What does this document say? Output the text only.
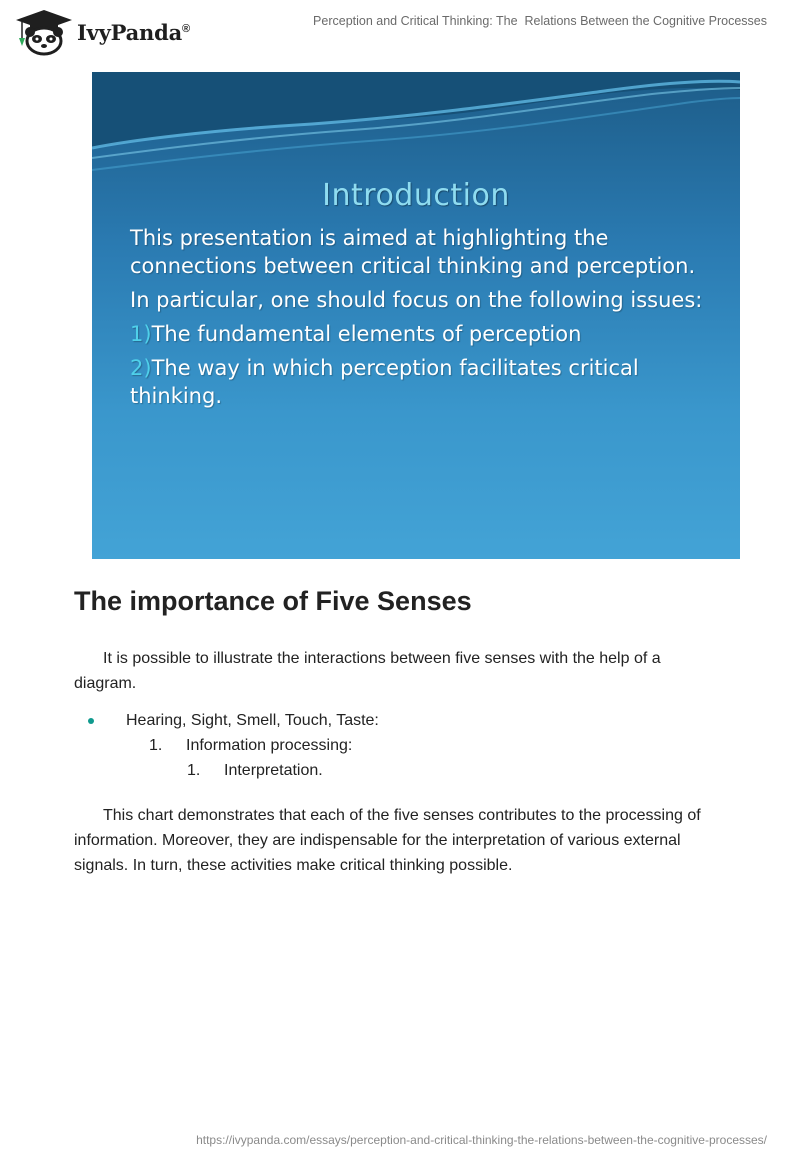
IvyPanda®
Perception and Critical Thinking: The  Relations Between the Cognitive Processes
Introduction

This presentation is aimed at highlighting the connections between critical thinking and perception.

In particular, one should focus on the following issues:

1)The fundamental elements of perception

2)The way in which perception facilitates critical thinking.

The importance of Five Senses

It is possible to illustrate the interactions between five senses with the help of a diagram.

Hearing, Sight, Smell, Touch, Taste:
1. Information processing:
1. Interpretation.

This chart demonstrates that each of the five senses contributes to the processing of information. Moreover, they are indispensable for the interpretation of various external signals. In turn, these activities make critical thinking possible.

https://ivypanda.com/essays/perception-and-critical-thinking-the-relations-between-the-cognitive-processes/
